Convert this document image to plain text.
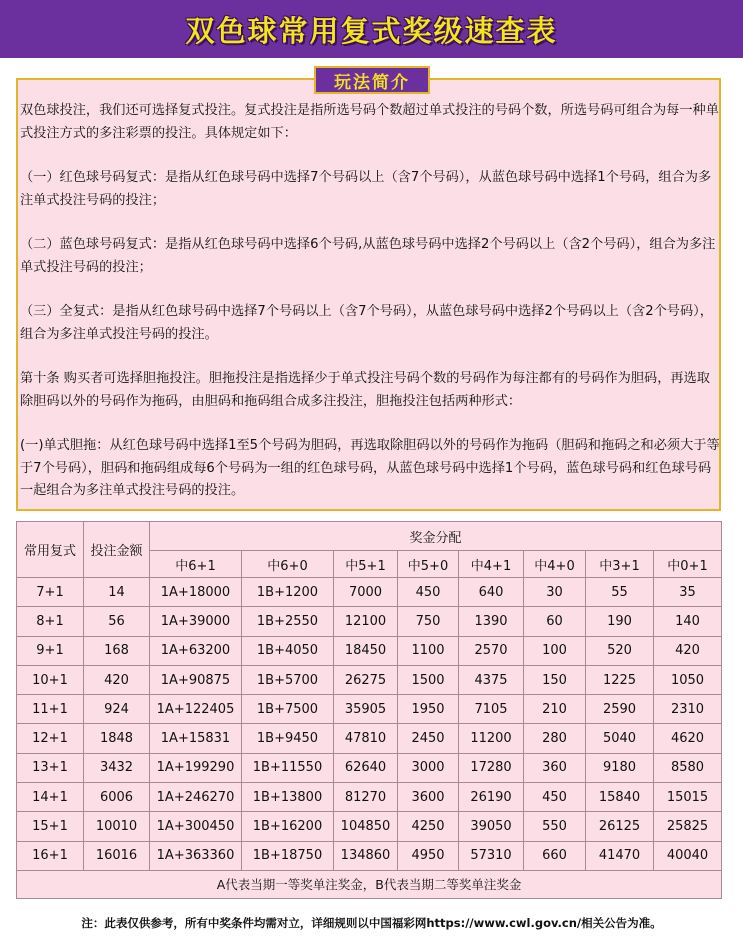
双色球常用复式奖级速查表
玩法简介

双色球投注，我们还可选择复式投注。复式投注是指所选号码个数超过单式投注的号码个数，所选号码可组合为每一种单式投注方式的多注彩票的投注。具体规定如下：

（一）红色球号码复式：是指从红色球号码中选择7个号码以上（含7个号码），从蓝色球号码中选择1个号码，组合为多注单式投注号码的投注；

（二）蓝色球号码复式：是指从红色球号码中选择6个号码,从蓝色球号码中选择2个号码以上（含2个号码），组合为多注单式投注号码的投注；

（三）全复式：是指从红色球号码中选择7个号码以上（含7个号码），从蓝色球号码中选择2个号码以上（含2个号码），组合为多注单式投注号码的投注。

第十条 购买者可选择胆拖投注。胆拖投注是指选择少于单式投注号码个数的号码作为每注都有的号码作为胆码，再选取除胆码以外的号码作为拖码，由胆码和拖码组合成多注投注，胆拖投注包括两种形式：

(一)单式胆拖：从红色球号码中选择1至5个号码为胆码，再选取除胆码以外的号码作为拖码（胆码和拖码之和必须大于等于7个号码），胆码和拖码组成每6个号码为一组的红色球号码，从蓝色球号码中选择1个号码，蓝色球号码和红色球号码一起组合为多注单式投注号码的投注。

常用复式	投注金额	奖金分配							
		中6+1	中6+0	中5+1	中5+0	中4+1	中4+0	中3+1	中0+1
7+1	14	1A+18000	1B+1200	7000	450	640	30	55	35
8+1	56	1A+39000	1B+2550	12100	750	1390	60	190	140
9+1	168	1A+63200	1B+4050	18450	1100	2570	100	520	420
10+1	420	1A+90875	1B+5700	26275	1500	4375	150	1225	1050
11+1	924	1A+122405	1B+7500	35905	1950	7105	210	2590	2310
12+1	1848	1A+15831	1B+9450	47810	2450	11200	280	5040	4620
13+1	3432	1A+199290	1B+11550	62640	3000	17280	360	9180	8580
14+1	6006	1A+246270	1B+13800	81270	3600	26190	450	15840	15015
15+1	10010	1A+300450	1B+16200	104850	4250	39050	550	26125	25825
16+1	16016	1A+363360	1B+18750	134860	4950	57310	660	41470	40040
A代表当期一等奖单注奖金，B代表当期二等奖单注奖金									
注：此表仅供参考，所有中奖条件均需对立，详细规则以中国福彩网https://www.cwl.gov.cn/相关公告为准。
